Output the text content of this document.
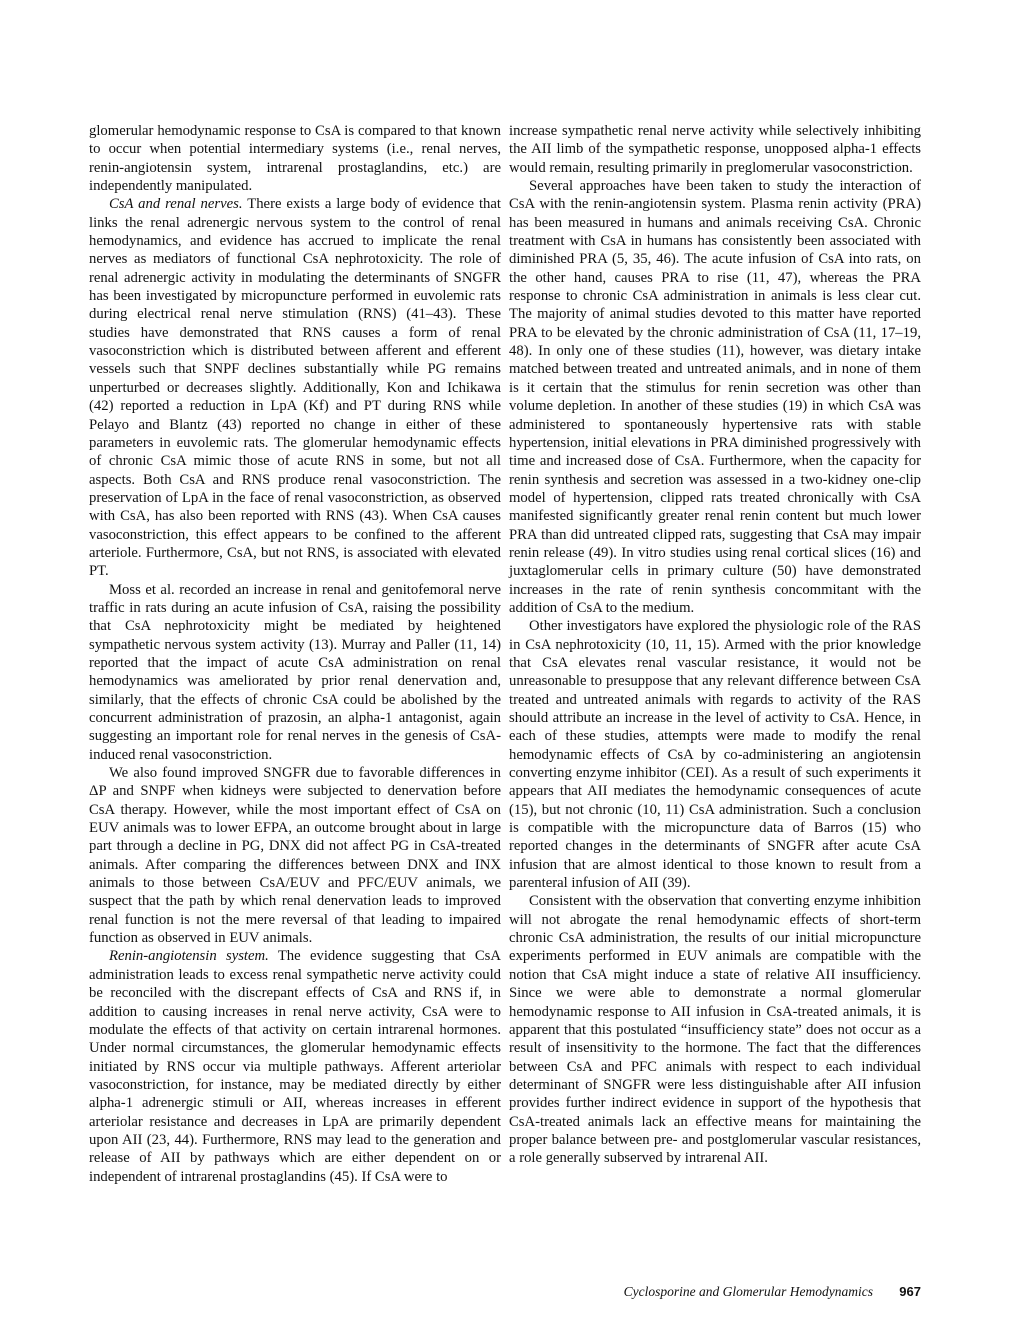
glomerular hemodynamic response to CsA is compared to that known to occur when potential intermediary systems (i.e., renal nerves, renin-angiotensin system, intrarenal prostaglandins, etc.) are independently manipulated.

CsA and renal nerves. There exists a large body of evidence that links the renal adrenergic nervous system to the control of renal hemodynamics, and evidence has accrued to implicate the renal nerves as mediators of functional CsA nephrotoxicity. The role of renal adrenergic activity in modulating the determinants of SNGFR has been investigated by micropuncture performed in euvolemic rats during electrical renal nerve stimulation (RNS) (41–43). These studies have demonstrated that RNS causes a form of renal vasoconstriction which is distributed between afferent and efferent vessels such that SNPF declines substantially while PG remains unperturbed or decreases slightly. Additionally, Kon and Ichikawa (42) reported a reduction in LpA (Kf) and PT during RNS while Pelayo and Blantz (43) reported no change in either of these parameters in euvolemic rats. The glomerular hemodynamic effects of chronic CsA mimic those of acute RNS in some, but not all aspects. Both CsA and RNS produce renal vasoconstriction. The preservation of LpA in the face of renal vasoconstriction, as observed with CsA, has also been reported with RNS (43). When CsA causes vasoconstriction, this effect appears to be confined to the afferent arteriole. Furthermore, CsA, but not RNS, is associated with elevated PT.

Moss et al. recorded an increase in renal and genitofemoral nerve traffic in rats during an acute infusion of CsA, raising the possibility that CsA nephrotoxicity might be mediated by heightened sympathetic nervous system activity (13). Murray and Paller (11, 14) reported that the impact of acute CsA administration on renal hemodynamics was ameliorated by prior renal denervation and, similarly, that the effects of chronic CsA could be abolished by the concurrent administration of prazosin, an alpha-1 antagonist, again suggesting an important role for renal nerves in the genesis of CsA-induced renal vasoconstriction.

We also found improved SNGFR due to favorable differences in ΔP and SNPF when kidneys were subjected to denervation before CsA therapy. However, while the most important effect of CsA on EUV animals was to lower EFPA, an outcome brought about in large part through a decline in PG, DNX did not affect PG in CsA-treated animals. After comparing the differences between DNX and INX animals to those between CsA/EUV and PFC/EUV animals, we suspect that the path by which renal denervation leads to improved renal function is not the mere reversal of that leading to impaired function as observed in EUV animals.

Renin-angiotensin system. The evidence suggesting that CsA administration leads to excess renal sympathetic nerve activity could be reconciled with the discrepant effects of CsA and RNS if, in addition to causing increases in renal nerve activity, CsA were to modulate the effects of that activity on certain intrarenal hormones. Under normal circumstances, the glomerular hemodynamic effects initiated by RNS occur via multiple pathways. Afferent arteriolar vasoconstriction, for instance, may be mediated directly by either alpha-1 adrenergic stimuli or AII, whereas increases in efferent arteriolar resistance and decreases in LpA are primarily dependent upon AII (23, 44). Furthermore, RNS may lead to the generation and release of AII by pathways which are either dependent on or independent of intrarenal prostaglandins (45). If CsA were to

increase sympathetic renal nerve activity while selectively inhibiting the AII limb of the sympathetic response, unopposed alpha-1 effects would remain, resulting primarily in preglomerular vasoconstriction.

Several approaches have been taken to study the interaction of CsA with the renin-angiotensin system. Plasma renin activity (PRA) has been measured in humans and animals receiving CsA. Chronic treatment with CsA in humans has consistently been associated with diminished PRA (5, 35, 46). The acute infusion of CsA into rats, on the other hand, causes PRA to rise (11, 47), whereas the PRA response to chronic CsA administration in animals is less clear cut. The majority of animal studies devoted to this matter have reported PRA to be elevated by the chronic administration of CsA (11, 17–19, 48). In only one of these studies (11), however, was dietary intake matched between treated and untreated animals, and in none of them is it certain that the stimulus for renin secretion was other than volume depletion. In another of these studies (19) in which CsA was administered to spontaneously hypertensive rats with stable hypertension, initial elevations in PRA diminished progressively with time and increased dose of CsA. Furthermore, when the capacity for renin synthesis and secretion was assessed in a two-kidney one-clip model of hypertension, clipped rats treated chronically with CsA manifested significantly greater renal renin content but much lower PRA than did untreated clipped rats, suggesting that CsA may impair renin release (49). In vitro studies using renal cortical slices (16) and juxtaglomerular cells in primary culture (50) have demonstrated increases in the rate of renin synthesis concommitant with the addition of CsA to the medium.

Other investigators have explored the physiologic role of the RAS in CsA nephrotoxicity (10, 11, 15). Armed with the prior knowledge that CsA elevates renal vascular resistance, it would not be unreasonable to presuppose that any relevant difference between CsA treated and untreated animals with regards to activity of the RAS should attribute an increase in the level of activity to CsA. Hence, in each of these studies, attempts were made to modify the renal hemodynamic effects of CsA by co-administering an angiotensin converting enzyme inhibitor (CEI). As a result of such experiments it appears that AII mediates the hemodynamic consequences of acute (15), but not chronic (10, 11) CsA administration. Such a conclusion is compatible with the micropuncture data of Barros (15) who reported changes in the determinants of SNGFR after acute CsA infusion that are almost identical to those known to result from a parenteral infusion of AII (39).

Consistent with the observation that converting enzyme inhibition will not abrogate the renal hemodynamic effects of short-term chronic CsA administration, the results of our initial micropuncture experiments performed in EUV animals are compatible with the notion that CsA might induce a state of relative AII insufficiency. Since we were able to demonstrate a normal glomerular hemodynamic response to AII infusion in CsA-treated animals, it is apparent that this postulated “insufficiency state” does not occur as a result of insensitivity to the hormone. The fact that the differences between CsA and PFC animals with respect to each individual determinant of SNGFR were less distinguishable after AII infusion provides further indirect evidence in support of the hypothesis that CsA-treated animals lack an effective means for maintaining the proper balance between pre- and postglomerular vascular resistances, a role generally subserved by intrarenal AII.

Cyclosporine and Glomerular Hemodynamics 967
